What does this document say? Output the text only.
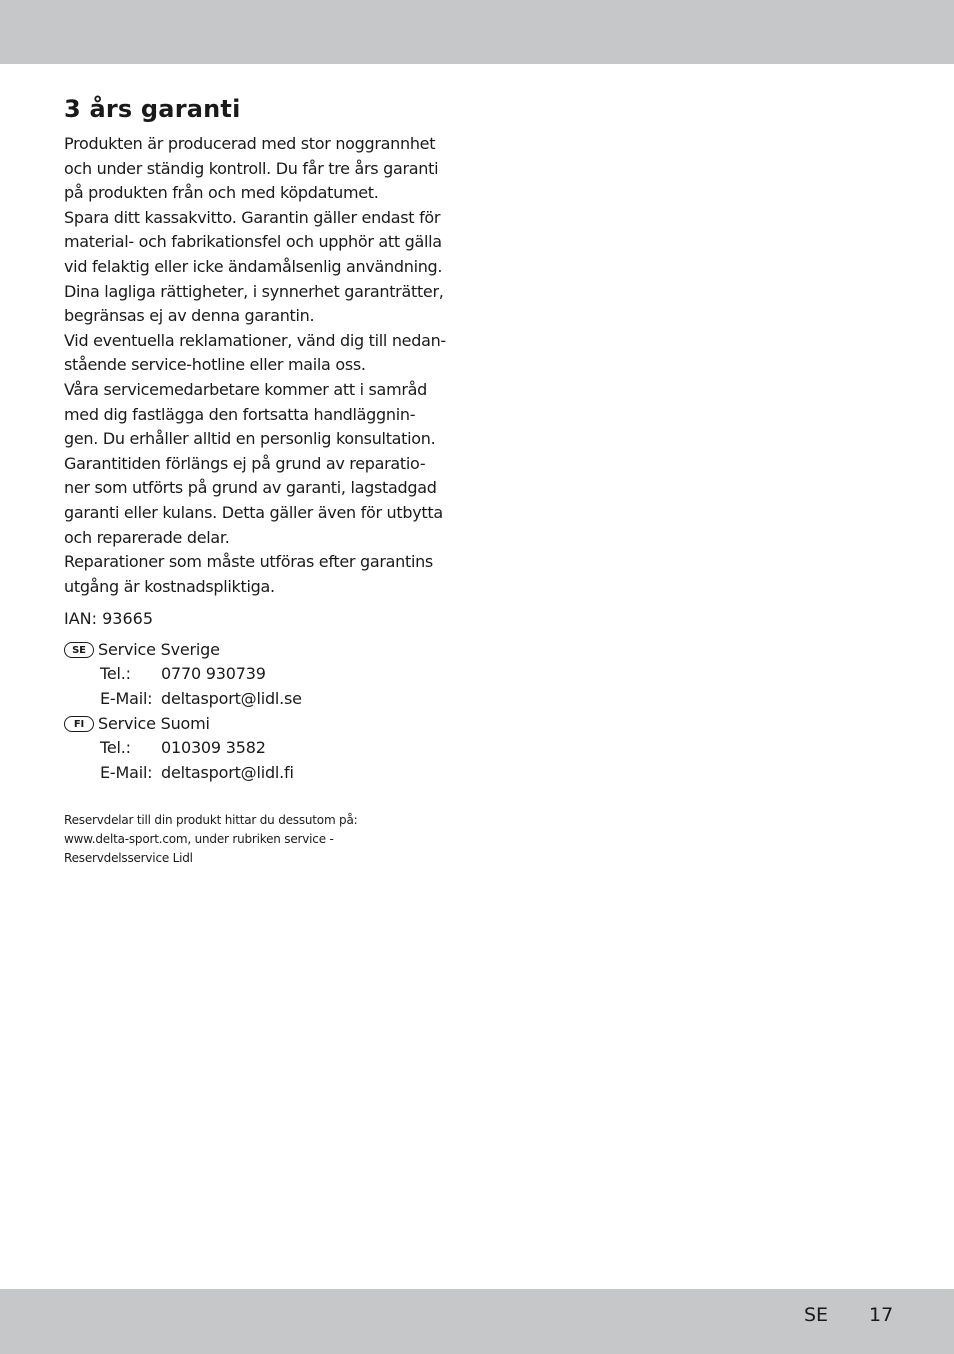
3 års garanti

Produkten är producerad med stor noggrannhet

och under ständig kontroll. Du får tre års garanti

på produkten från och med köpdatumet.

Spara ditt kassakvitto. Garantin gäller endast för

material- och fabrikationsfel och upphör att gälla

vid felaktig eller icke ändamålsenlig användning.

Dina lagliga rättigheter, i synnerhet garanträtter,

begränsas ej av denna garantin.

Vid eventuella reklamationer, vänd dig till nedan-

stående service-hotline eller maila oss.

Våra servicemedarbetare kommer att i samråd

med dig fastlägga den fortsatta handläggnin-

gen. Du erhåller alltid en personlig konsultation.

Garantitiden förlängs ej på grund av reparatio-

ner som utförts på grund av garanti, lagstadgad

garanti eller kulans. Detta gäller även för utbytta

och reparerade delar.

Reparationer som måste utföras efter garantins

utgång är kostnadspliktiga.

IAN: 93665

SE Service Sverige
Tel.:	0770 930739
E-Mail: deltasport@lidl.se
FI Service Suomi
Tel.:	010309 3582
E-Mail: deltasport@lidl.fi
Reservdelar till din produkt hittar du dessutom på:
www.delta-sport.com, under rubriken service -
Reservdelsservice Lidl
SE 17
